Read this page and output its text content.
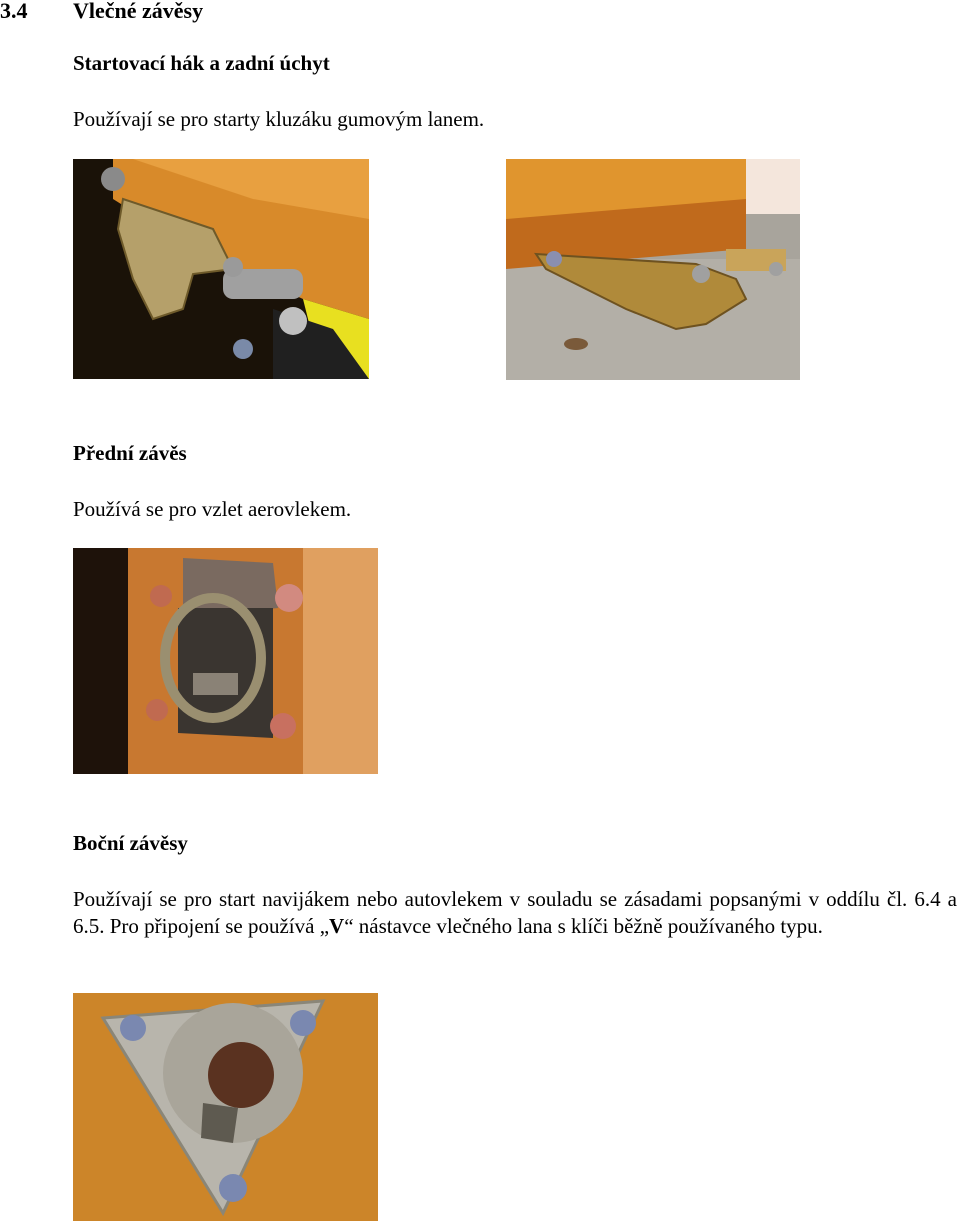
3.4 Vlečné závěsy
Startovací hák a zadní úchyt
Používají se pro starty kluzáku gumovým lanem.
Přední závěs
Používá se pro vzlet aerovlekem.
Boční závěsy
Používají se pro start navijákem nebo autovlekem v souladu se zásadami popsanými v oddílu čl. 6.4 a 6.5. Pro připojení se používá „V“ nástavce vlečného lana s klíči běžně používaného typu.
